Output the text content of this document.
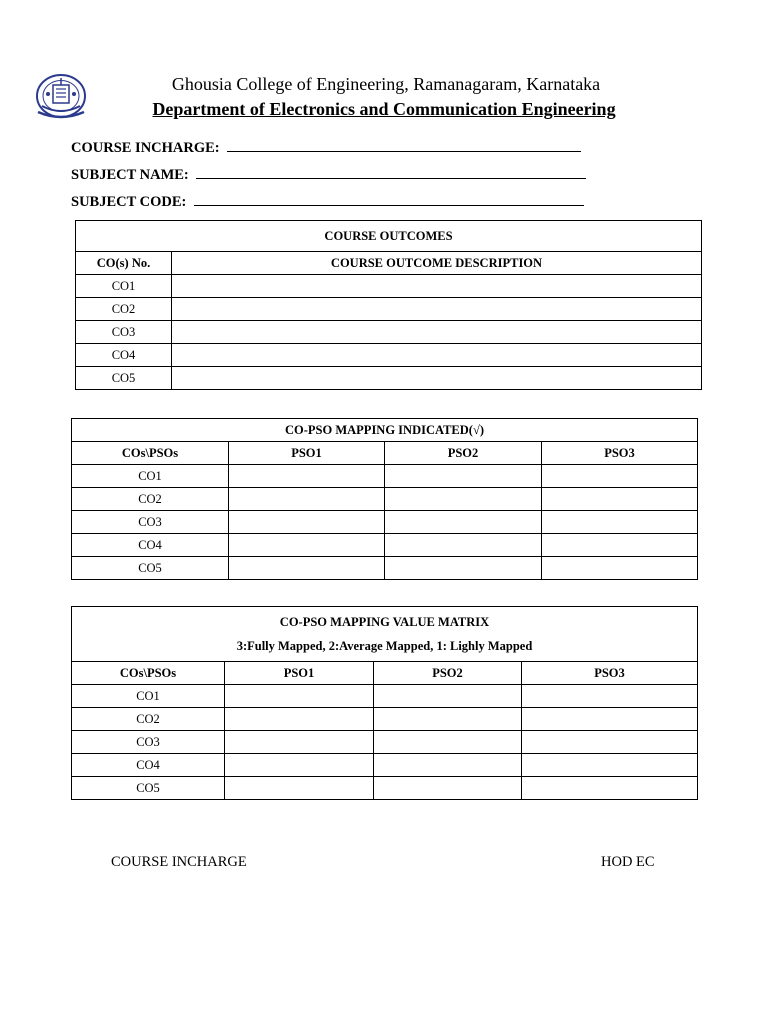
Ghousia College of Engineering, Ramanagaram, Karnataka
Department of Electronics and Communication Engineering
COURSE INCHARGE:
SUBJECT NAME:
SUBJECT CODE:
COURSE OUTCOMES	
CO(s) No.	COURSE OUTCOME DESCRIPTION
CO1	
CO2	
CO3	
CO4	
CO5	
CO-PSO MAPPING INDICATED(√)			
COs\PSOs	PSO1	PSO2	PSO3
CO1			
CO2			
CO3			
CO4			
CO5			
CO-PSO MAPPING VALUE MATRIX
3:Fully Mapped, 2:Average Mapped, 1: Lighly Mapped			

COs\PSOs	PSO1	PSO2	PSO3
CO1			
CO2			
CO3			
CO4			
CO5			
COURSE INCHARGE	HOD EC
